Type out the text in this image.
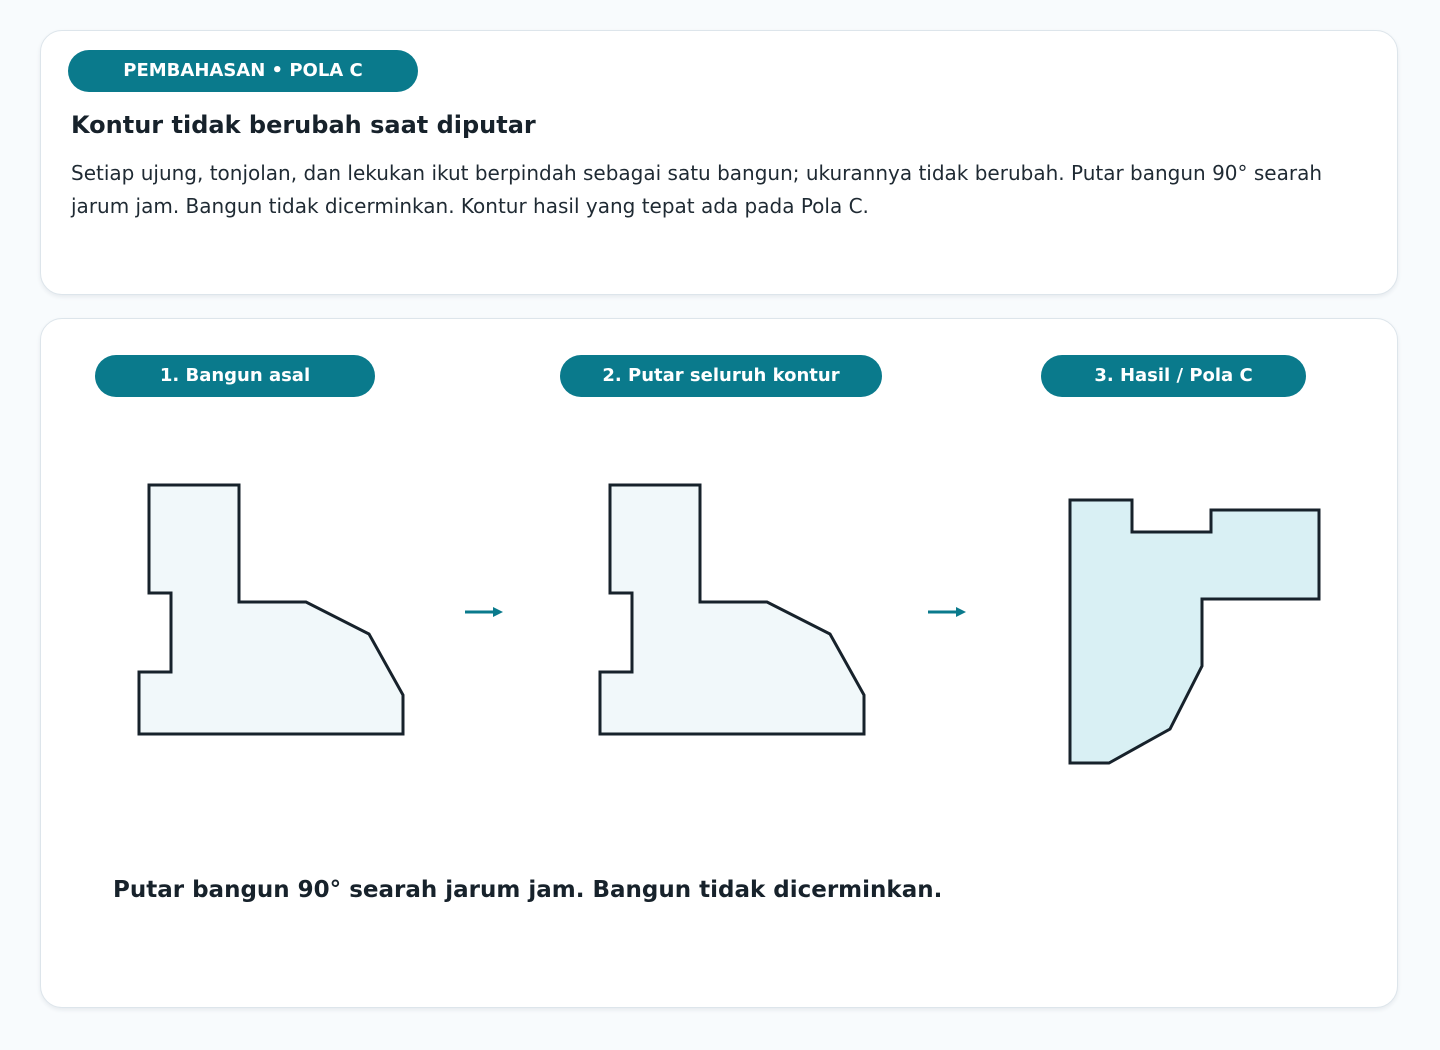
PEMBAHASAN • POLA C
Kontur tidak berubah saat diputar

Setiap ujung, tonjolan, dan lekukan ikut berpindah sebagai satu bangun; ukurannya tidak berubah. Putar bangun 90° searah jarum jam. Bangun tidak dicerminkan. Kontur hasil yang tepat ada pada Pola C.

1. Bangun asal	2. Putar seluruh kontur	3. Hasil / Pola C

Putar bangun 90° searah jarum jam. Bangun tidak dicerminkan.
